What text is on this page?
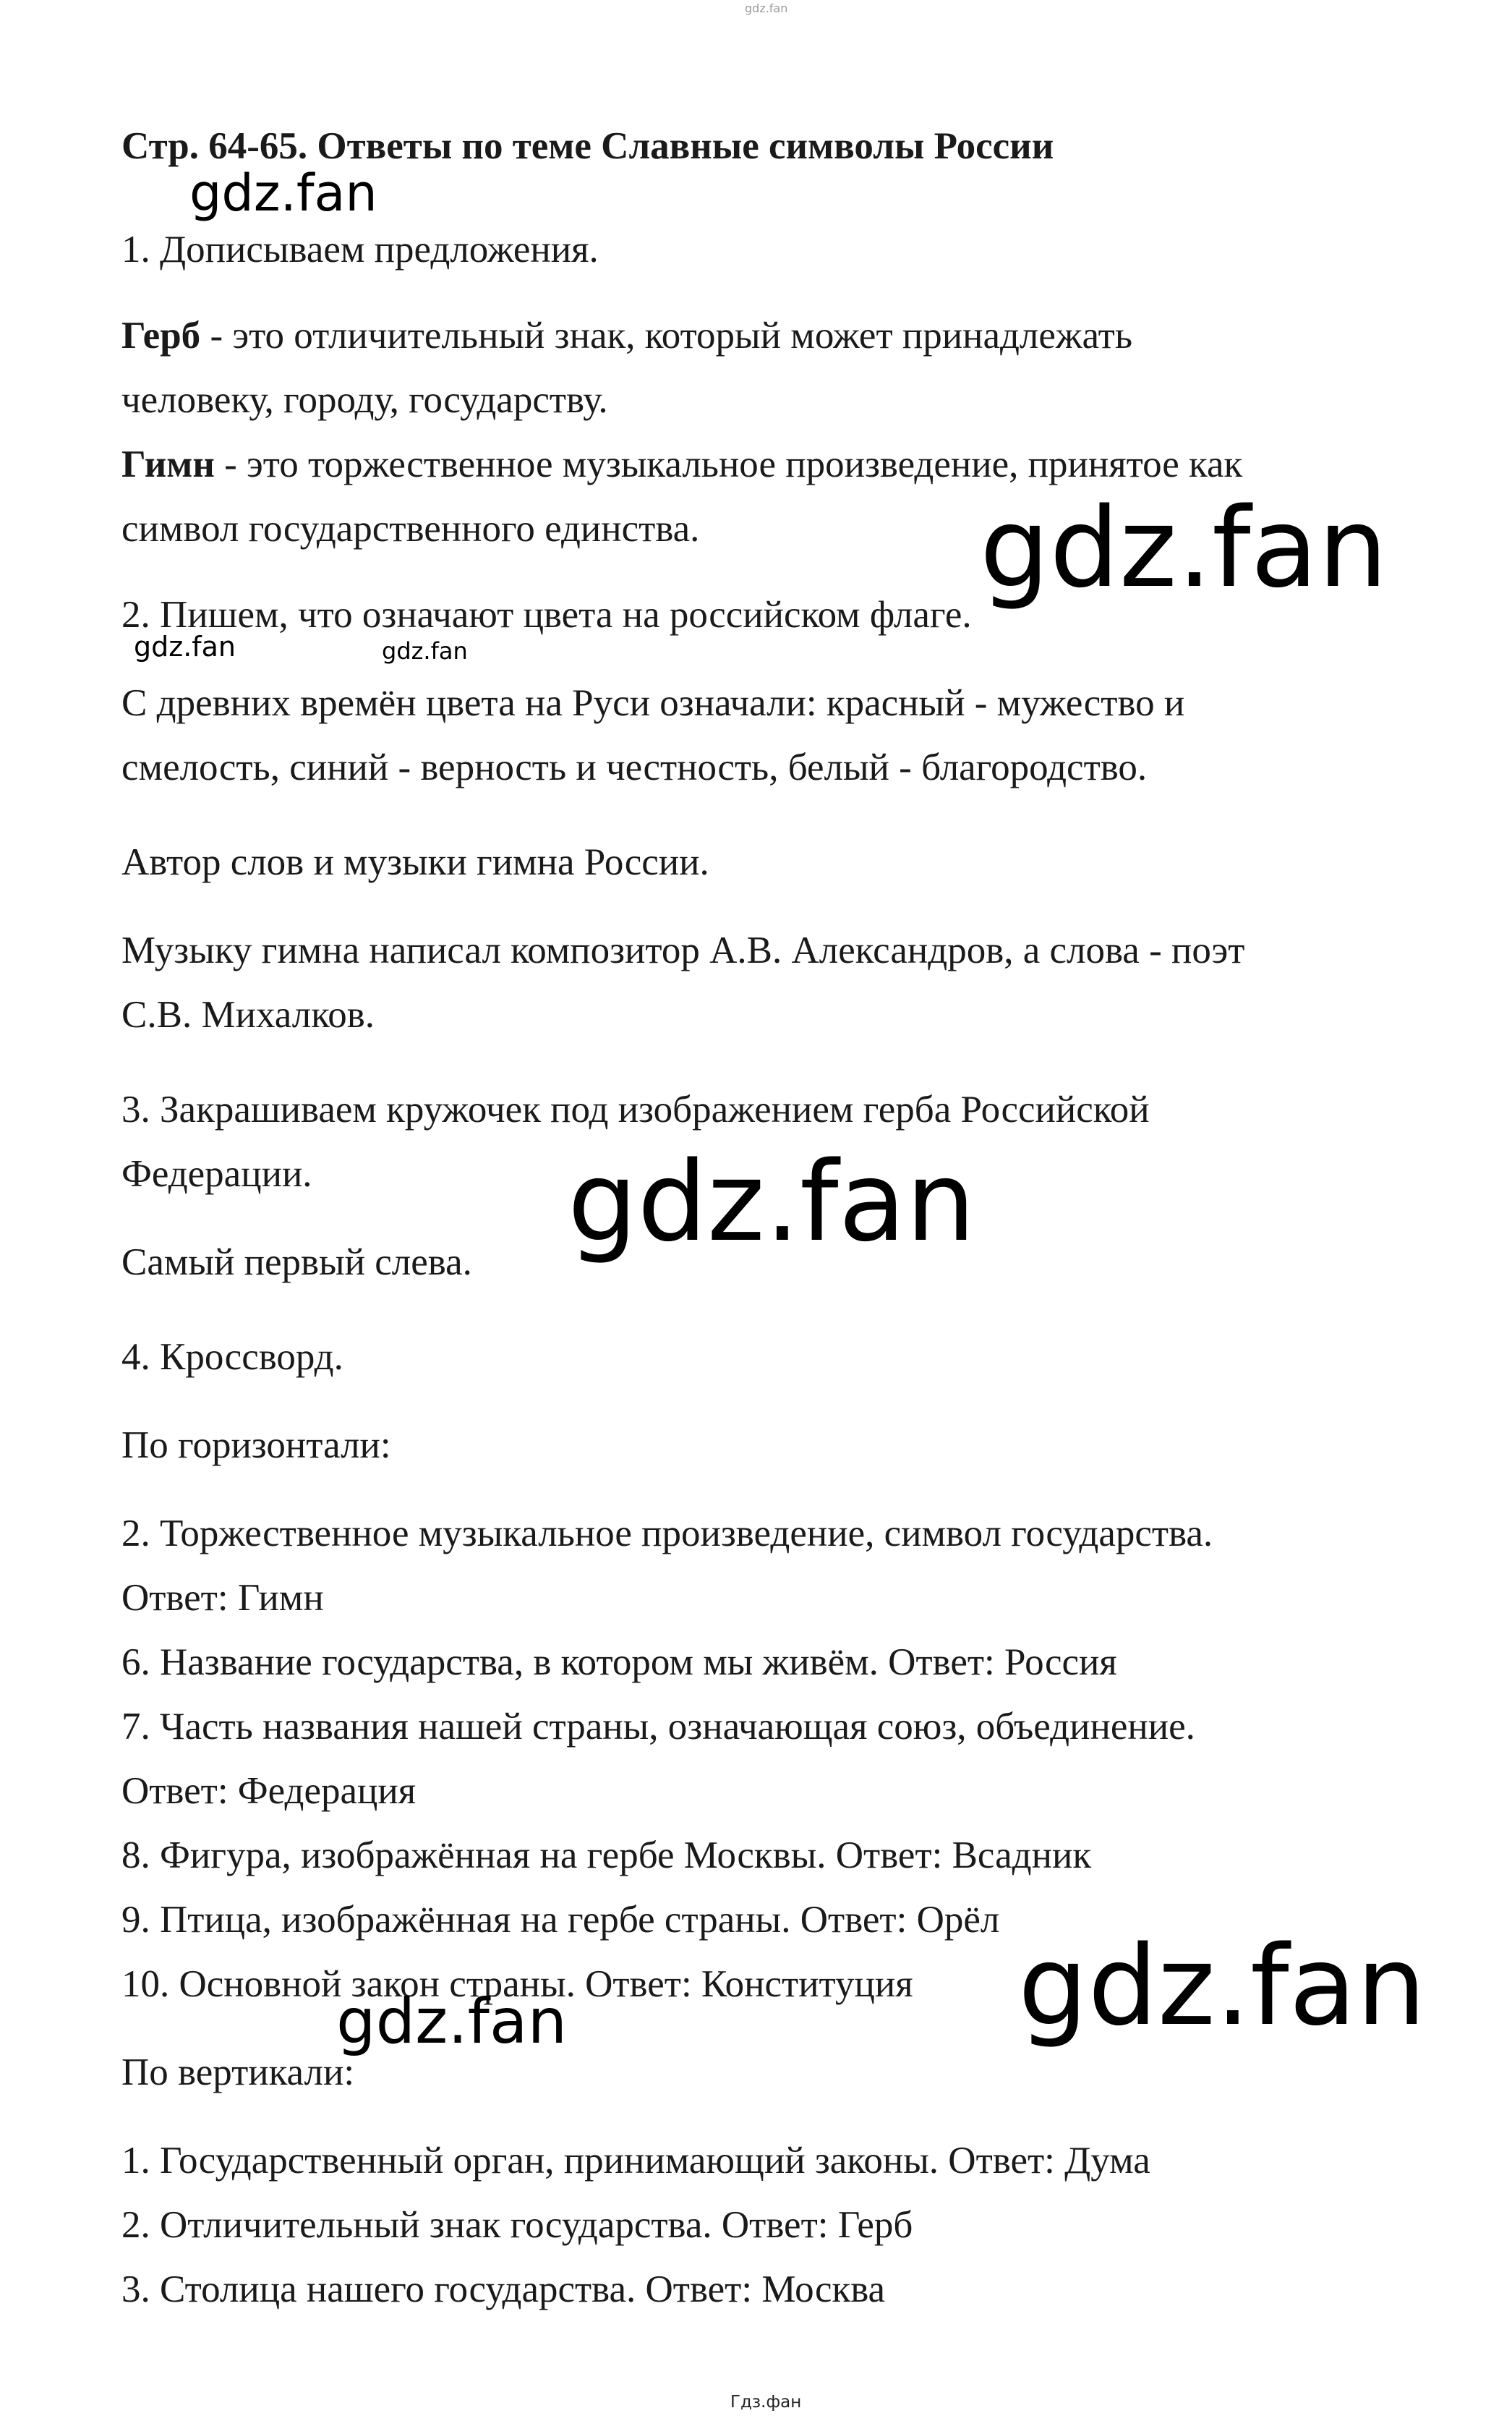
gdz.fan
Стр. 64-65. Ответы по теме Славные символы России
1. Дописываем предложения.
Герб - это отличительный знак, который может принадлежать
человеку, городу, государству.
Гимн - это торжественное музыкальное произведение, принятое как
символ государственного единства.
2. Пишем, что означают цвета на российском флаге.
С древних времён цвета на Руси означали: красный - мужество и
смелость, синий - верность и честность, белый - благородство.
Автор слов и музыки гимна России.
Музыку гимна написал композитор А.В. Александров, а слова - поэт
С.В. Михалков.
3. Закрашиваем кружочек под изображением герба Российской
Федерации.
Самый первый слева.
4. Кроссворд.
По горизонтали:
2. Торжественное музыкальное произведение, символ государства.
Ответ: Гимн
6. Название государства, в котором мы живём. Ответ: Россия
7. Часть названия нашей страны, означающая союз, объединение.
Ответ: Федерация
8. Фигура, изображённая на гербе Москвы. Ответ: Всадник
9. Птица, изображённая на гербе страны. Ответ: Орёл
10. Основной закон страны. Ответ: Конституция
По вертикали:
1. Государственный орган, принимающий законы. Ответ: Дума
2. Отличительный знак государства. Ответ: Герб
3. Столица нашего государства. Ответ: Москва
gdz.fan
gdz.fan
gdz.fan	gdz.fan
gdz.fan
gdz.fan
gdz.fan
Гдз.фан
